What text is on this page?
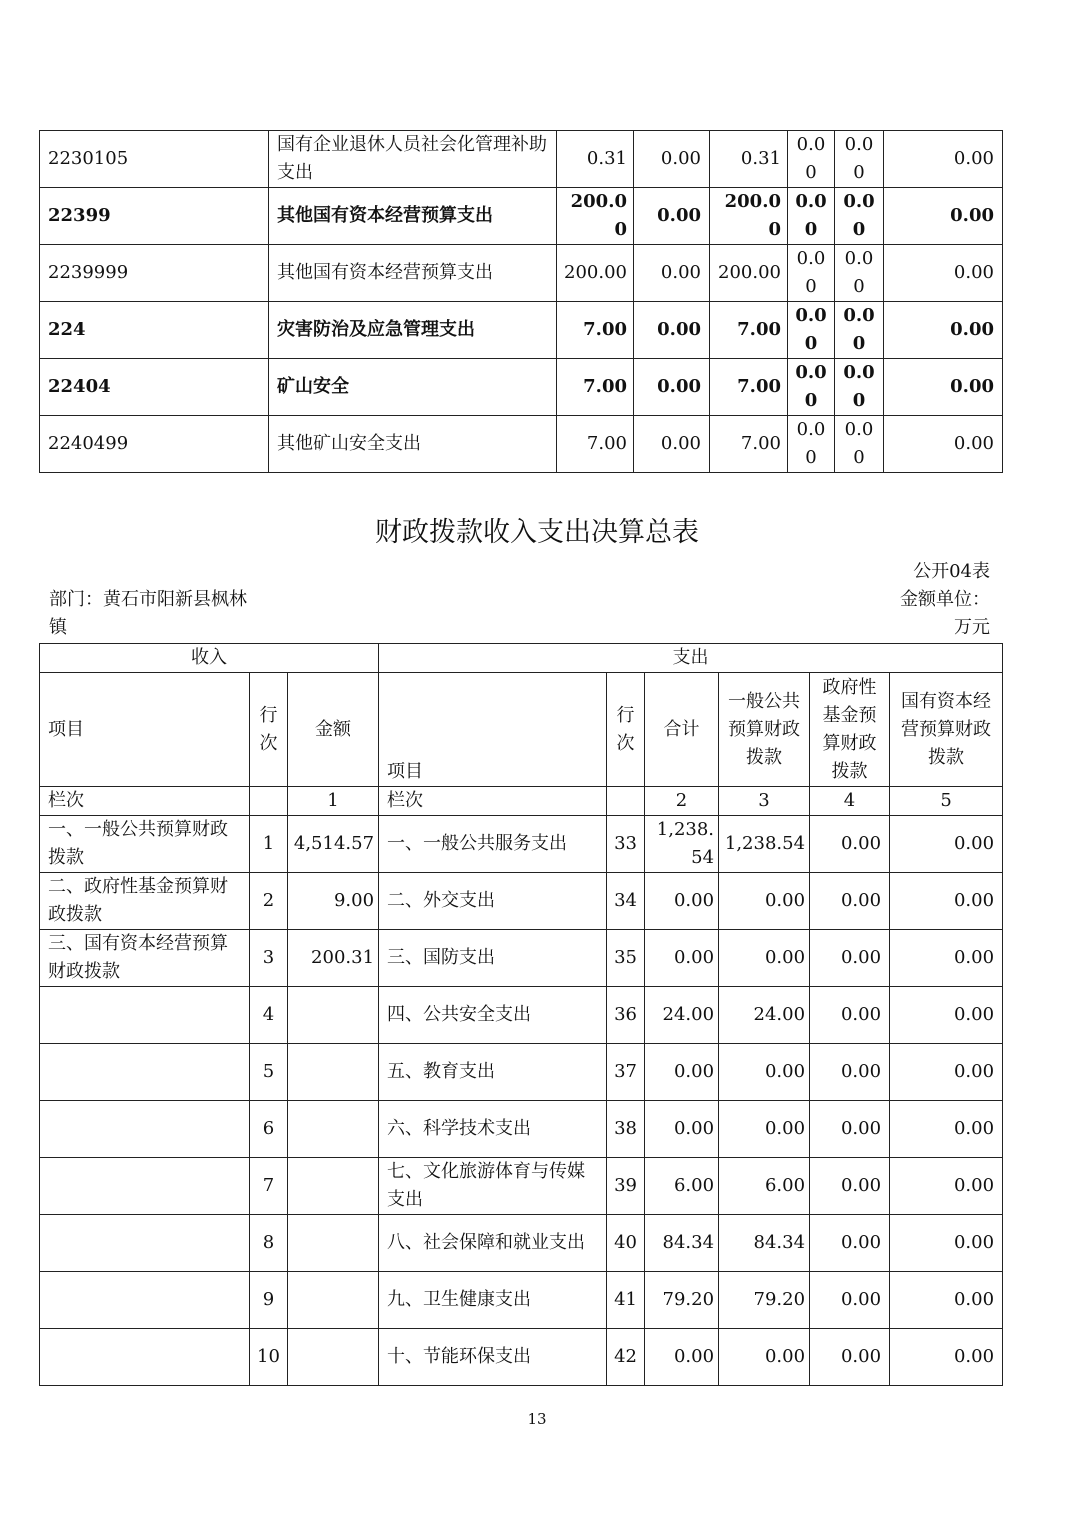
2230105	国有企业退休人员社会化管理补助支出	0.31	0.00	0.31	0.00	0.00	0.00
22399	其他国有资本经营预算支出	200.00	0.00	200.00	0.00	0.00	0.00
2239999	其他国有资本经营预算支出	200.00	0.00	200.00	0.00	0.00	0.00
224	灾害防治及应急管理支出	7.00	0.00	7.00	0.00	0.00	0.00
22404	矿山安全	7.00	0.00	7.00	0.00	0.00	0.00
2240499	其他矿山安全支出	7.00	0.00	7.00	0.00	0.00	0.00
财政拨款收入支出决算总表
公开04表
部门：黄石市阳新县枫林镇
金额单位：万元
收入			支出					
项目	行次	金额	项目	行次	合计	一般公共预算财政拨款	政府性基金预算财政拨款	国有资本经营预算财政拨款
栏次		1	栏次		2	3	4	5
一、一般公共预算财政拨款	1	4,514.57	一、一般公共服务支出	33	1,238.54	1,238.54	0.00	0.00
二、政府性基金预算财政拨款	2	9.00	二、外交支出	34	0.00	0.00	0.00	0.00
三、国有资本经营预算财政拨款	3	200.31	三、国防支出	35	0.00	0.00	0.00	0.00
	4		四、公共安全支出	36	24.00	24.00	0.00	0.00
	5		五、教育支出	37	0.00	0.00	0.00	0.00
	6		六、科学技术支出	38	0.00	0.00	0.00	0.00
	7		七、文化旅游体育与传媒支出	39	6.00	6.00	0.00	0.00
	8		八、社会保障和就业支出	40	84.34	84.34	0.00	0.00
	9		九、卫生健康支出	41	79.20	79.20	0.00	0.00
	10		十、节能环保支出	42	0.00	0.00	0.00	0.00
13
